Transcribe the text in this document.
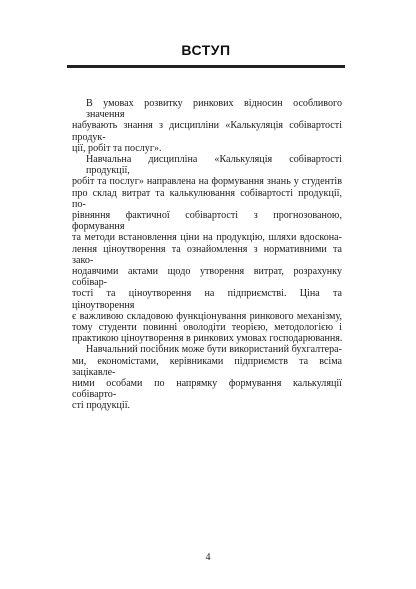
ВСТУП

В умовах розвитку ринкових відносин особливого значення
набувають знання з дисципліни «Калькуляція собівартості продук-
ції, робіт та послуг».

Навчальна дисципліна «Калькуляція собівартості продукції,
робіт та послуг» направлена на формування знань у студентів
про склад витрат та калькулювання собівартості продукції, по-
рівняння фактичної собівартості з прогнозованою, формування
та методи встановлення ціни на продукцію, шляхи вдоскона-
лення ціноутворення та ознайомлення з нормативними та зако-
нодавчими актами щодо утворення витрат, розрахунку собівар-
тості та ціноутворення на підприємстві. Ціна та ціноутворення
є важливою складовою функціонування ринкового механізму,
тому студенти повинні оволодіти теорією, методологією і
практикою ціноутворення в ринкових умовах господарювання.

Навчальний посібник може бути використаний бухгалтера-
ми, економістами, керівниками підприємств та всіма зацікавле-
ними особами по напрямку формування калькуляції собіварто-
сті продукції.

4
